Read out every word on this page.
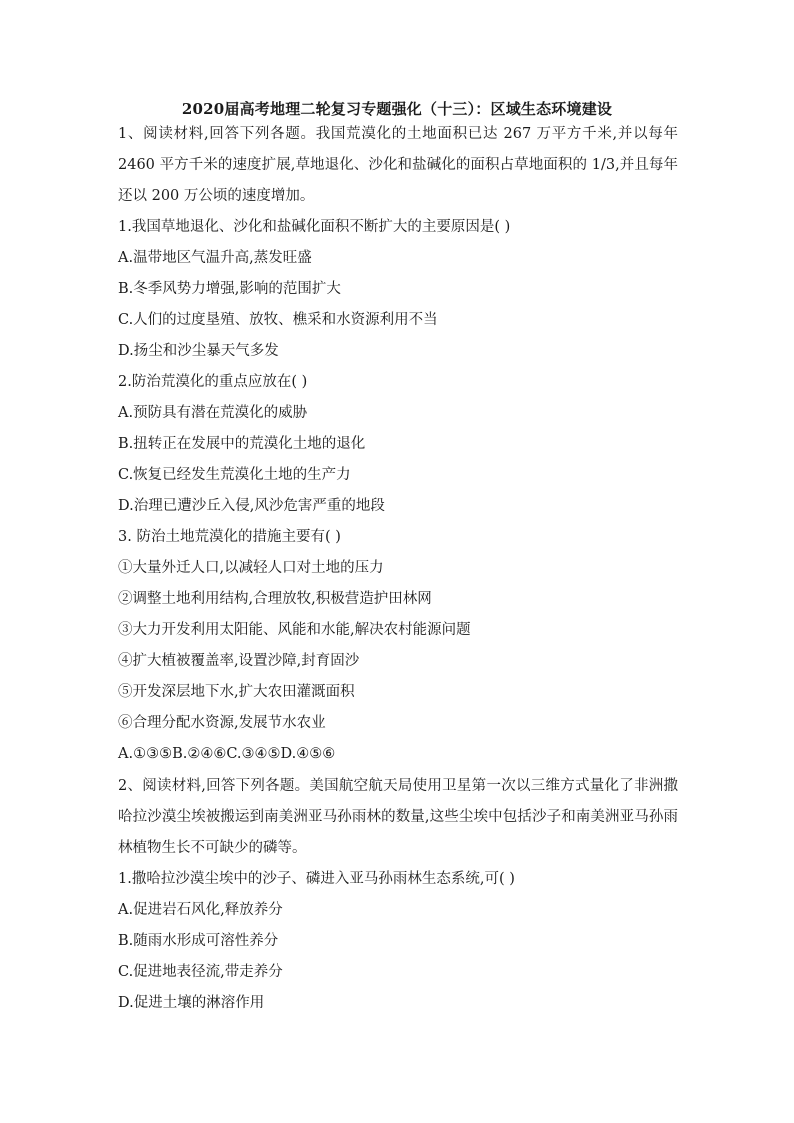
2020届高考地理二轮复习专题强化（十三）：区域生态环境建设

1、阅读材料,回答下列各题。我国荒漠化的土地面积已达 267 万平方千米,并以每年 2460 平方千米的速度扩展,草地退化、沙化和盐碱化的面积占草地面积的 1/3,并且每年还以 200 万公顷的速度增加。

1.我国草地退化、沙化和盐碱化面积不断扩大的主要原因是( )

A.温带地区气温升高,蒸发旺盛

B.冬季风势力增强,影响的范围扩大

C.人们的过度垦殖、放牧、樵采和水资源利用不当

D.扬尘和沙尘暴天气多发

2.防治荒漠化的重点应放在( )

A.预防具有潜在荒漠化的威胁

B.扭转正在发展中的荒漠化土地的退化

C.恢复已经发生荒漠化土地的生产力

D.治理已遭沙丘入侵,风沙危害严重的地段

3. 防治土地荒漠化的措施主要有( )

①大量外迁人口,以减轻人口对土地的压力

②调整土地利用结构,合理放牧,积极营造护田林网

③大力开发利用太阳能、风能和水能,解决农村能源问题

④扩大植被覆盖率,设置沙障,封育固沙

⑤开发深层地下水,扩大农田灌溉面积

⑥合理分配水资源,发展节水农业

A.①③⑤B.②④⑥C.③④⑤D.④⑤⑥

2、阅读材料,回答下列各题。美国航空航天局使用卫星第一次以三维方式量化了非洲撒哈拉沙漠尘埃被搬运到南美洲亚马孙雨林的数量,这些尘埃中包括沙子和南美洲亚马孙雨林植物生长不可缺少的磷等。

1.撒哈拉沙漠尘埃中的沙子、磷进入亚马孙雨林生态系统,可( )

A.促进岩石风化,释放养分

B.随雨水形成可溶性养分

C.促进地表径流,带走养分

D.促进土壤的淋溶作用
